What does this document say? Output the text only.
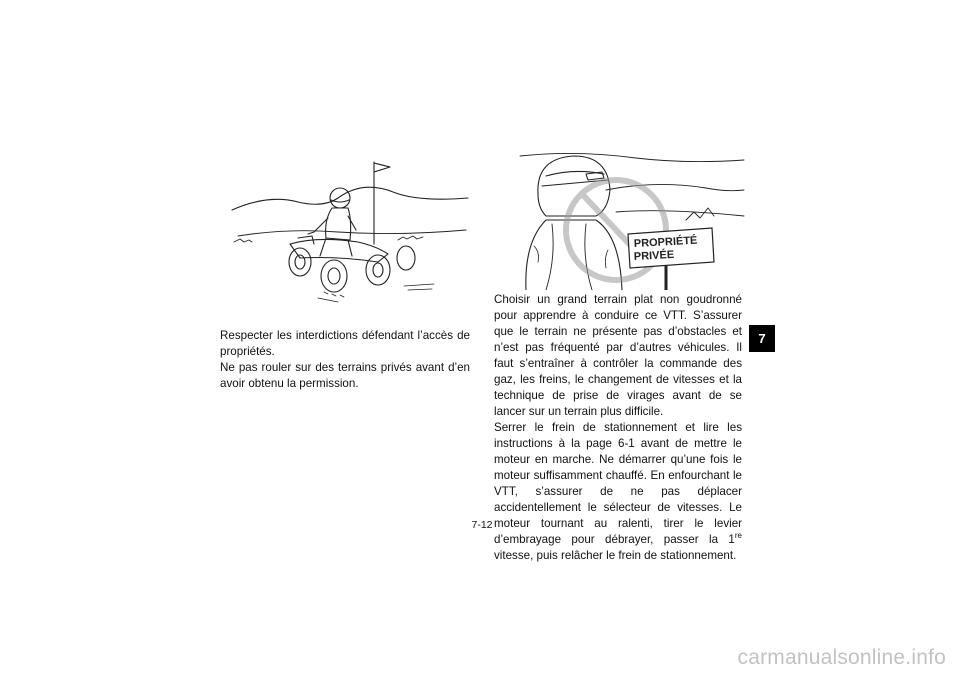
PROPRIÉTÉ
PRIVÉE

Respecter les interdictions défendant l’accès de propriétés.

Ne pas rouler sur des terrains privés avant d’en avoir obtenu la permission.

Choisir un grand terrain plat non goudronné pour apprendre à conduire ce VTT. S’assurer que le terrain ne présente pas d’obstacles et n’est pas fréquenté par d’autres véhicules. Il faut s’entraîner à contrôler la commande des gaz, les freins, le changement de vitesses et la technique de prise de virages avant de se lancer sur un terrain plus difficile.

Serrer le frein de stationnement et lire les instructions à la page 6-1 avant de mettre le moteur en marche. Ne démarrer qu’une fois le moteur suffisamment chauffé. En enfourchant le VTT, s’assurer de ne pas déplacer accidentellement le sélecteur de vitesses. Le moteur tournant au ralenti, tirer le levier d’embrayage pour débrayer, passer la 1re vitesse, puis relâcher le frein de stationnement.

7
7-12
carmanualsonline.info
